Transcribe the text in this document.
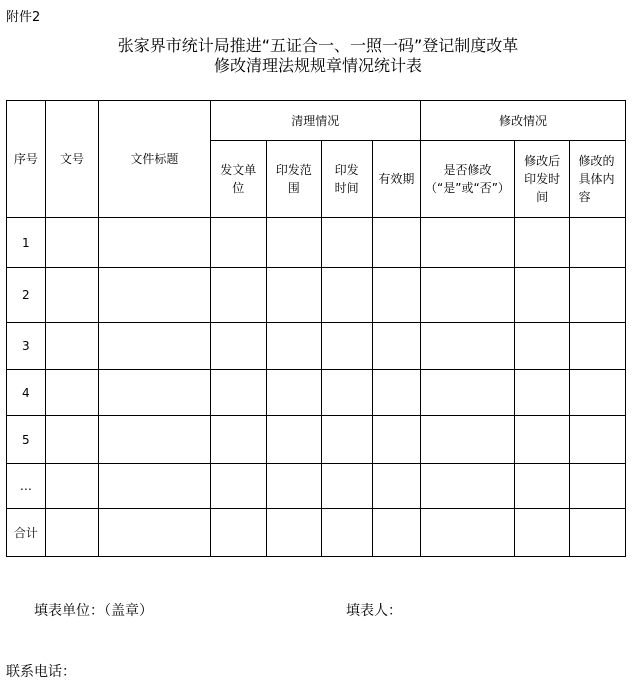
附件2
张家界市统计局推进“五证合一、一照一码”登记制度改革
修改清理法规规章情况统计表
序号	文号	文件标题	清理情况				修改情况		
			发文单位	印发范围	印发时间	有效期	是否修改（“是”或“否”）	修改后印发时间	修改的具体内容
1									
2									
3									
4									
5									
…									
合计									
填表单位：（盖章）	填表人：
联系电话：
